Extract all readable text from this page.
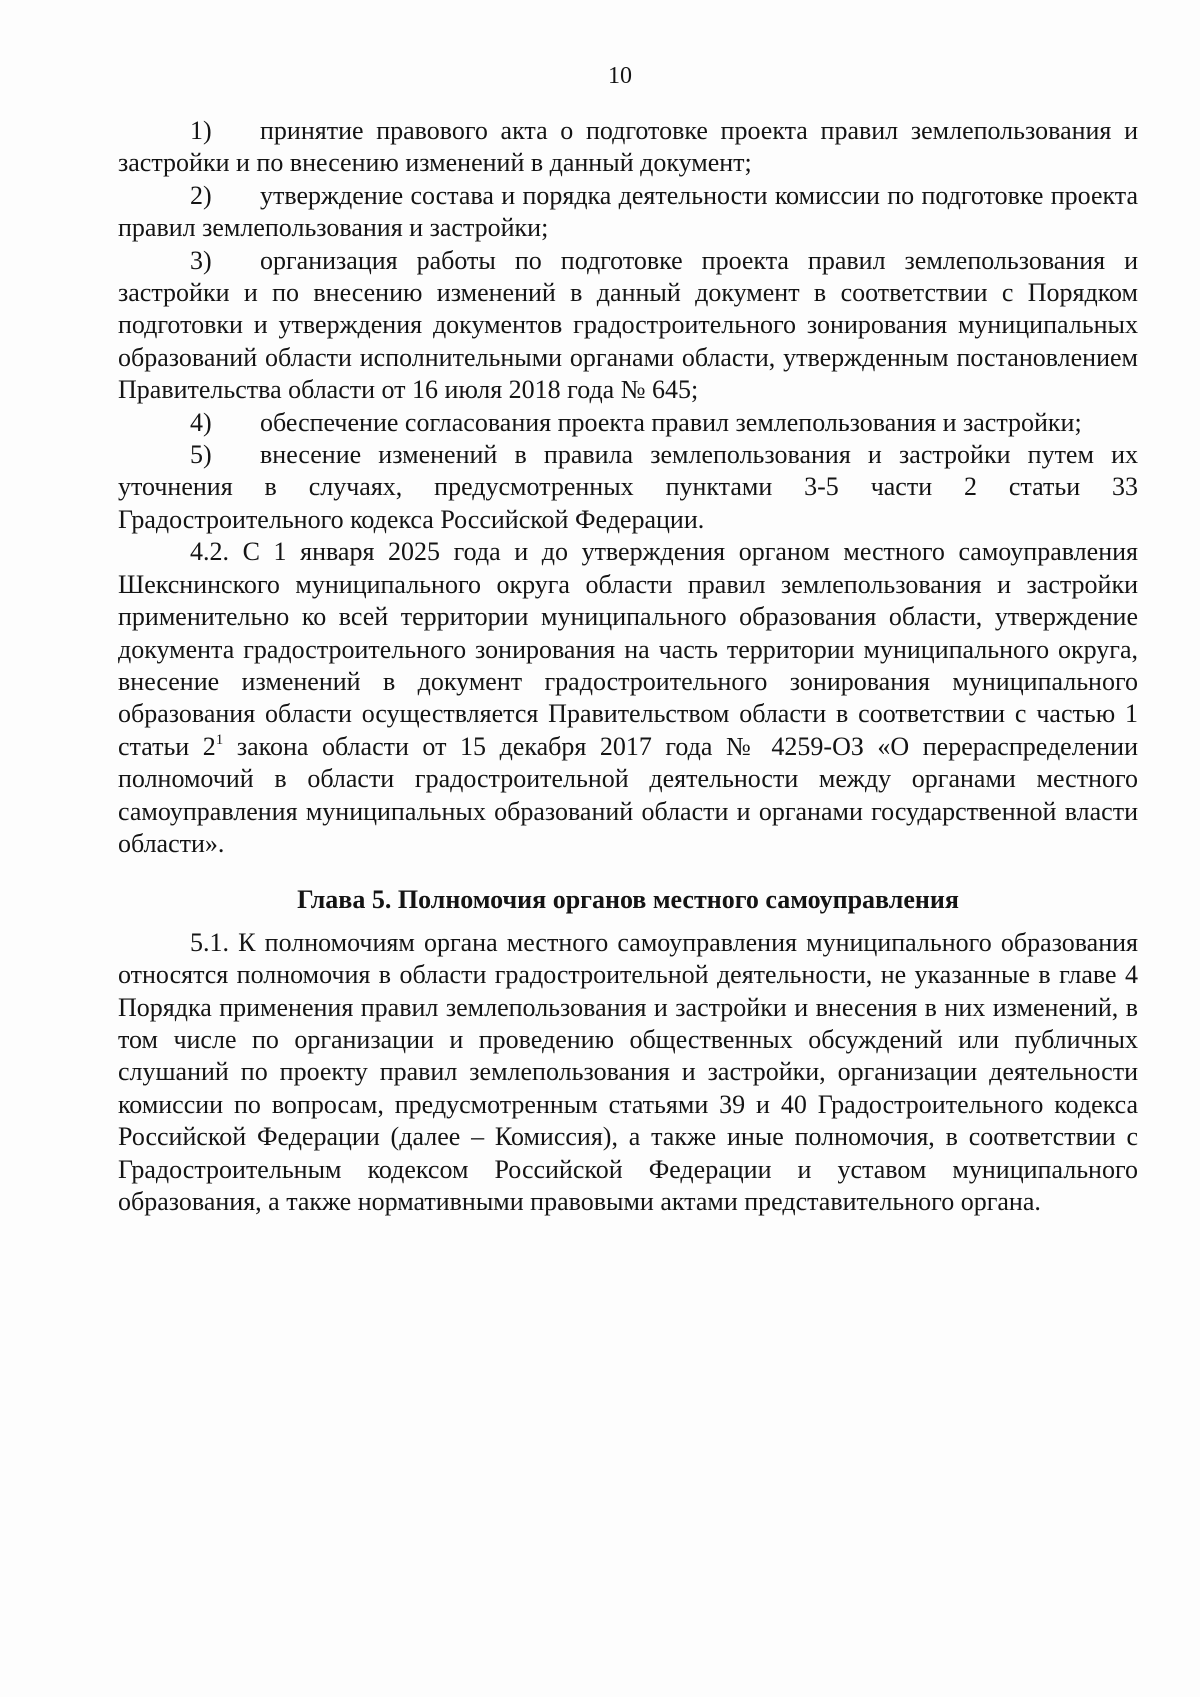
10

1) принятие правового акта о подготовке проекта правил землепользования и застройки и по внесению изменений в данный документ;

2) утверждение состава и порядка деятельности комиссии по подготовке проекта правил землепользования и застройки;

3) организация работы по подготовке проекта правил землепользования и застройки и по внесению изменений в данный документ в соответствии с Порядком подготовки и утверждения документов градостроительного зонирования муниципальных образований области исполнительными органами области, утвержденным постановлением Правительства области от 16 июля 2018 года № 645;

4) обеспечение согласования проекта правил землепользования и застройки;

5) внесение изменений в правила землепользования и застройки путем их уточнения в случаях, предусмотренных пунктами 3-5 части 2 статьи 33 Градостроительного кодекса Российской Федерации.

4.2. С 1 января 2025 года и до утверждения органом местного самоуправления Шекснинского муниципального округа области правил землепользования и застройки применительно ко всей территории муниципального образования области, утверждение документа градостроительного зонирования на часть территории муниципального округа, внесение изменений в документ градостроительного зонирования муниципального образования области осуществляется Правительством области в соответствии с частью 1 статьи $2^1$ закона области от 15 декабря 2017 года № 4259-ОЗ «О перераспределении полномочий в области градостроительной деятельности между органами местного самоуправления муниципальных образований области и органами государственной власти области».

Глава 5. Полномочия органов местного самоуправления

5.1. К полномочиям органа местного самоуправления муниципального образования относятся полномочия в области градостроительной деятельности, не указанные в главе 4 Порядка применения правил землепользования и застройки и внесения в них изменений, в том числе по организации и проведению общественных обсуждений или публичных слушаний по проекту правил землепользования и застройки, организации деятельности комиссии по вопросам, предусмотренным статьями 39 и 40 Градостроительного кодекса Российской Федерации (далее – Комиссия), а также иные полномочия, в соответствии с Градостроительным кодексом Российской Федерации и уставом муниципального образования, а также нормативными правовыми актами представительного органа.
